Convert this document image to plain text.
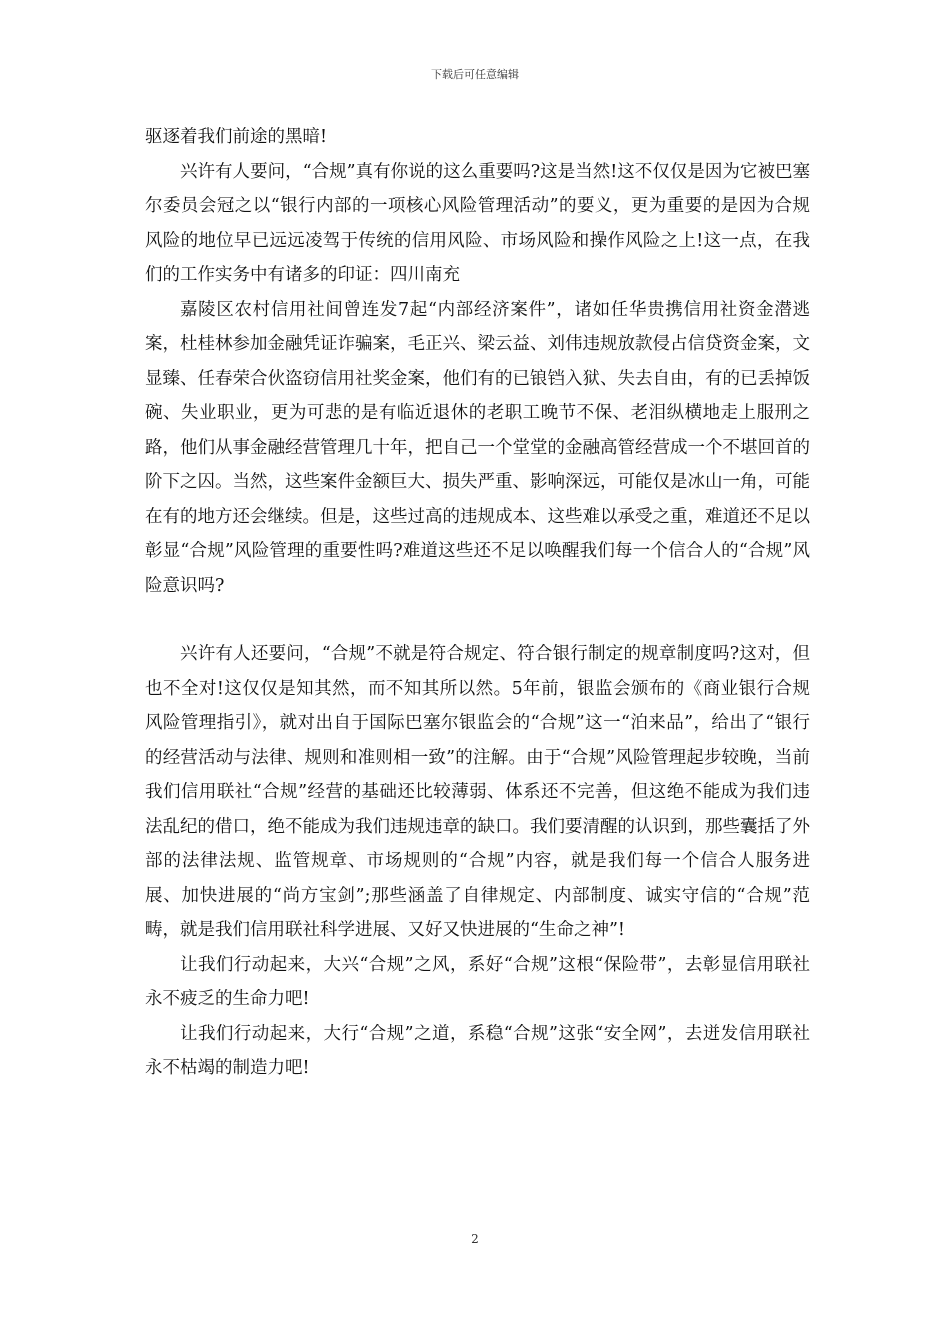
下载后可任意编辑

驱逐着我们前途的黑暗!

兴许有人要问，“合规”真有你说的这么重要吗?这是当然!这不仅仅是因为它被巴塞尔委员会冠之以“银行内部的一项核心风险管理活动”的要义，更为重要的是因为合规风险的地位早已远远凌驾于传统的信用风险、市场风险和操作风险之上!这一点，在我们的工作实务中有诸多的印证：四川南充

嘉陵区农村信用社间曾连发7起“内部经济案件”，诸如任华贵携信用社资金潜逃案，杜桂林参加金融凭证诈骗案，毛正兴、梁云益、刘伟违规放款侵占信贷资金案，文显臻、任春荣合伙盗窃信用社奖金案，他们有的已锒铛入狱、失去自由，有的已丢掉饭碗、失业职业，更为可悲的是有临近退休的老职工晚节不保、老泪纵横地走上服刑之路，他们从事金融经营管理几十年，把自己一个堂堂的金融高管经营成一个不堪回首的阶下之囚。当然，这些案件金额巨大、损失严重、影响深远，可能仅是冰山一角，可能在有的地方还会继续。但是，这些过高的违规成本、这些难以承受之重，难道还不足以彰显“合规”风险管理的重要性吗?难道这些还不足以唤醒我们每一个信合人的“合规”风险意识吗?

兴许有人还要问，“合规”不就是符合规定、符合银行制定的规章制度吗?这对，但也不全对!这仅仅是知其然，而不知其所以然。5年前，银监会颁布的《商业银行合规风险管理指引》，就对出自于国际巴塞尔银监会的“合规”这一“泊来品”，给出了“银行的经营活动与法律、规则和准则相一致”的注解。由于“合规”风险管理起步较晚，当前我们信用联社“合规”经营的基础还比较薄弱、体系还不完善，但这绝不能成为我们违法乱纪的借口，绝不能成为我们违规违章的缺口。我们要清醒的认识到，那些囊括了外部的法律法规、监管规章、市场规则的“合规”内容，就是我们每一个信合人服务进展、加快进展的“尚方宝剑”;那些涵盖了自律规定、内部制度、诚实守信的“合规”范畴，就是我们信用联社科学进展、又好又快进展的“生命之神”!

让我们行动起来，大兴“合规”之风，系好“合规”这根“保险带”，去彰显信用联社永不疲乏的生命力吧!

让我们行动起来，大行“合规”之道，系稳“合规”这张“安全网”，去迸发信用联社永不枯竭的制造力吧!

2
